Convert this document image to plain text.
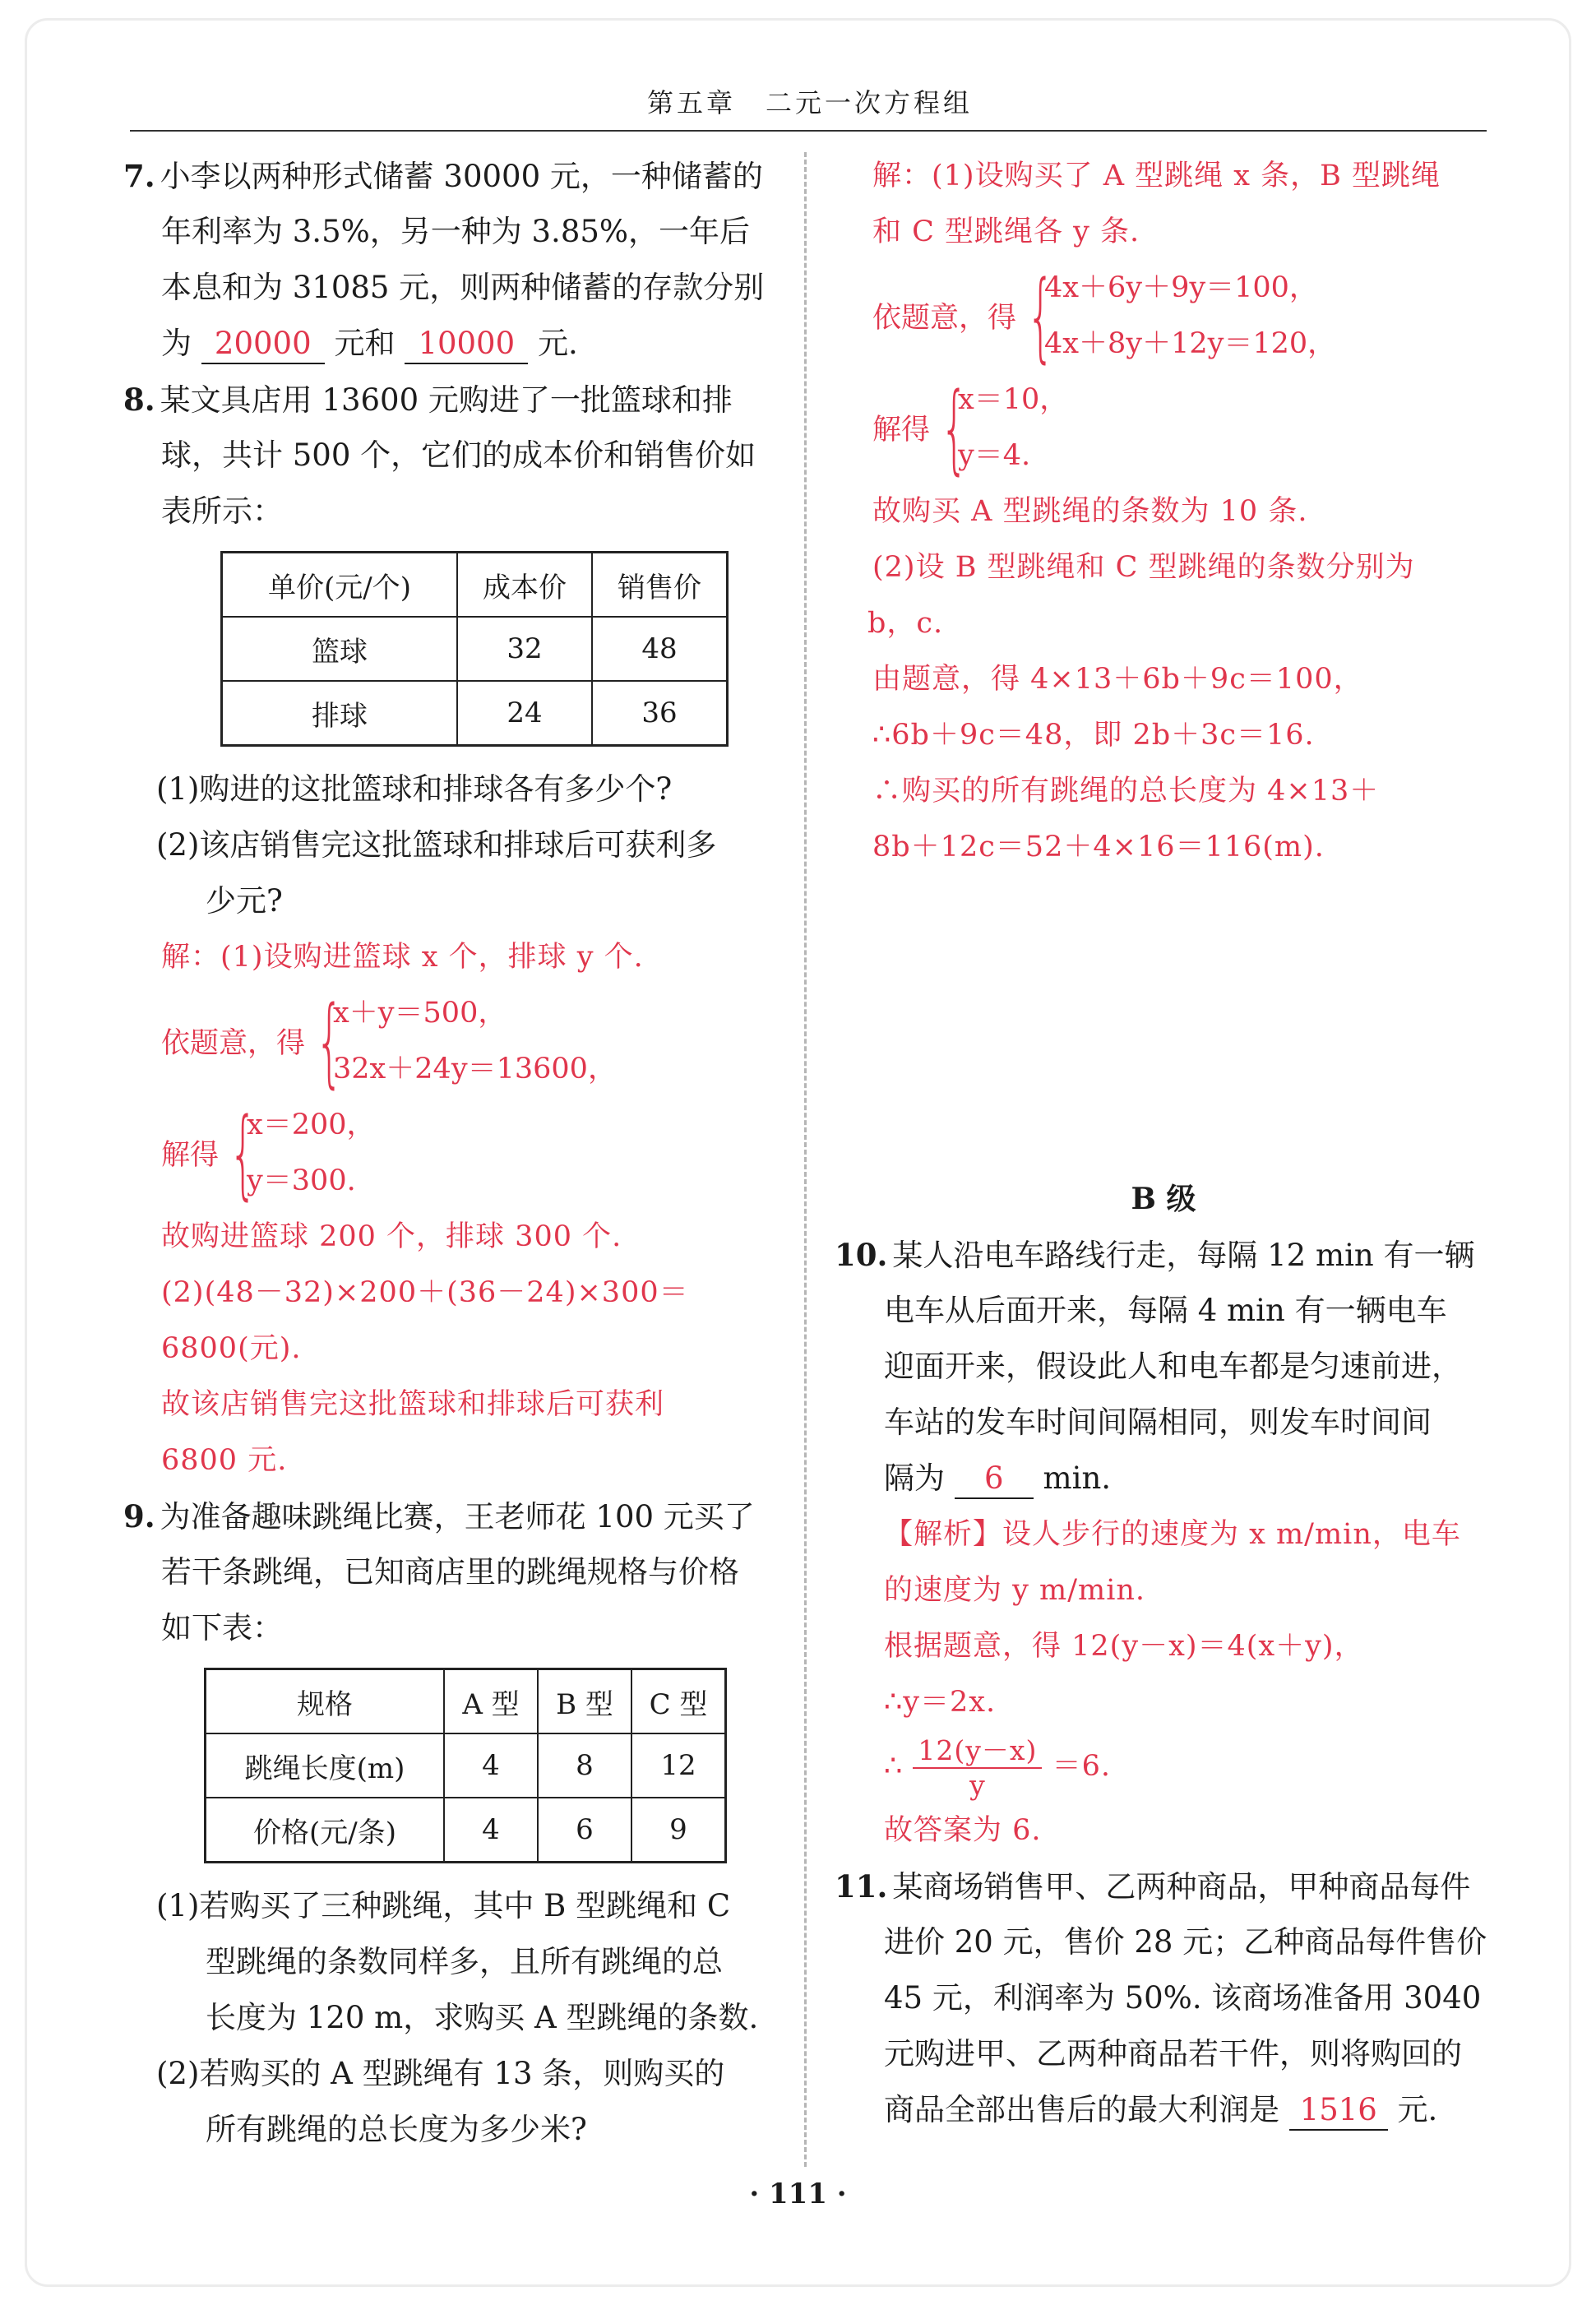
第五章　二元一次方程组
7. 小李以两种形式储蓄 30000 元，一种储蓄的
年利率为 3.5%，另一种为 3.85%，一年后
本息和为 31085 元，则两种储蓄的存款分别
为 20000 元和 10000 元.
8. 某文具店用 13600 元购进了一批篮球和排
球，共计 500 个，它们的成本价和销售价如
表所示：
单价(元/个)	成本价	销售价
篮球	32	48
排球	24	36
(1)购进的这批篮球和排球各有多少个?
(2)该店销售完这批篮球和排球后可获利多
少元?
解：(1)设购进篮球 x 个，排球 y 个.
依题意，得 {
x＋y＝500，
32x＋24y＝13600，
解得 {
x＝200，
y＝300.
故购进篮球 200 个，排球 300 个.
(2)(48－32)×200＋(36－24)×300＝
6800(元).
故该店销售完这批篮球和排球后可获利
6800 元.
9. 为准备趣味跳绳比赛，王老师花 100 元买了
若干条跳绳，已知商店里的跳绳规格与价格
如下表：
规格	A 型	B 型	C 型
跳绳长度(m)	4	8	12
价格(元/条)	4	6	9
(1)若购买了三种跳绳，其中 B 型跳绳和 C
型跳绳的条数同样多，且所有跳绳的总
长度为 120 m，求购买 A 型跳绳的条数.
(2)若购买的 A 型跳绳有 13 条，则购买的
所有跳绳的总长度为多少米?
解：(1)设购买了 A 型跳绳 x 条，B 型跳绳
和 C 型跳绳各 y 条.
依题意，得 {
4x＋6y＋9y＝100，
4x＋8y＋12y＝120，
解得 {
x＝10，
y＝4.
故购买 A 型跳绳的条数为 10 条.
(2)设 B 型跳绳和 C 型跳绳的条数分别为
b，c.
由题意，得 4×13＋6b＋9c＝100，
∴6b＋9c＝48，即 2b＋3c＝16.
∴购买的所有跳绳的总长度为 4×13＋
8b＋12c＝52＋4×16＝116(m).
B 级
10. 某人沿电车路线行走，每隔 12 min 有一辆
电车从后面开来，每隔 4 min 有一辆电车
迎面开来，假设此人和电车都是匀速前进，
车站的发车时间间隔相同，则发车时间间
隔为 6 min.
【解析】设人步行的速度为 x m/min，电车
的速度为 y m/min.
根据题意，得 12(y－x)＝4(x＋y)，
∴y＝2x.
∴ $\frac{12(y-x)}{y} =6$.
故答案为 6.
11. 某商场销售甲、乙两种商品，甲种商品每件
进价 20 元，售价 28 元；乙种商品每件售价
45 元，利润率为 50%. 该商场准备用 3040
元购进甲、乙两种商品若干件，则将购回的
商品全部出售后的最大利润是 1516 元.
· 111 ·
